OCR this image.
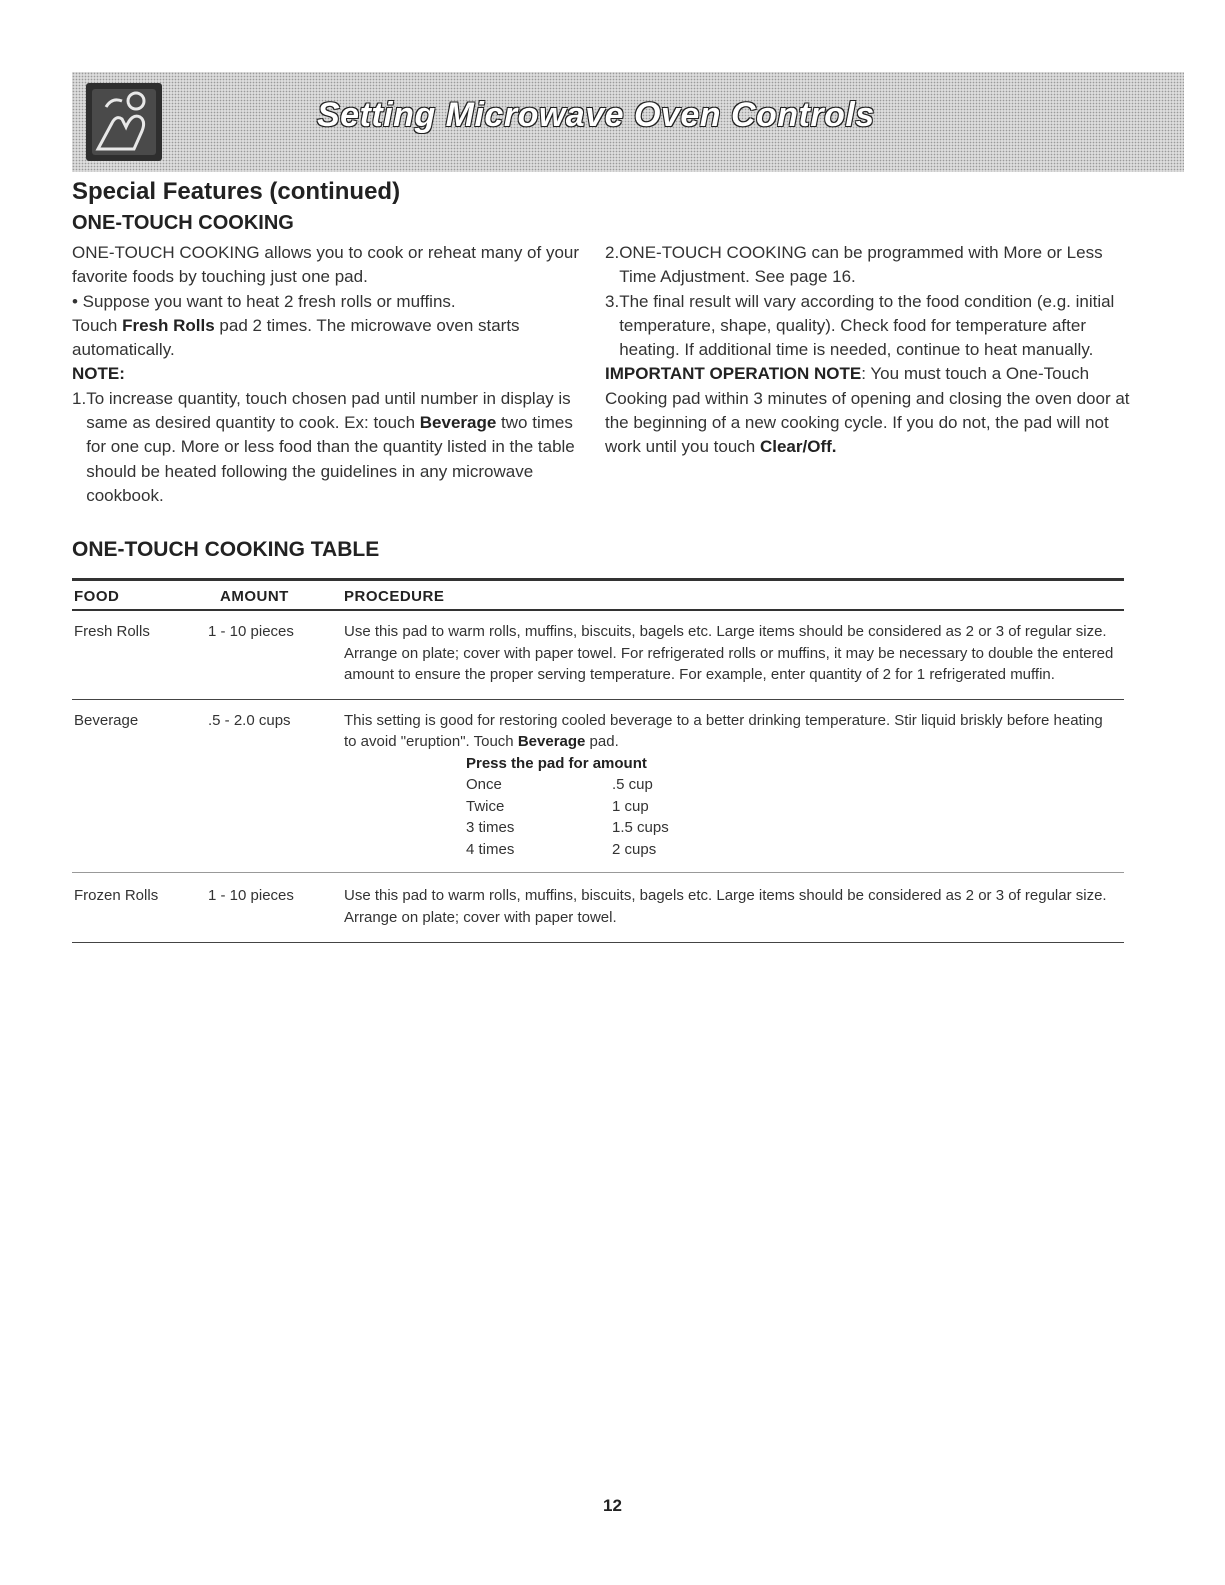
Setting Microwave Oven Controls
Special Features (continued)
ONE-TOUCH COOKING

ONE-TOUCH COOKING allows you to cook or reheat many of your favorite foods by touching just one pad.

• Suppose you want to heat 2 fresh rolls or muffins.

Touch Fresh Rolls pad 2 times. The microwave oven starts automatically.

NOTE:

1. To increase quantity, touch chosen pad until number in display is same as desired quantity to cook. Ex: touch Beverage two times for one cup. More or less food than the quantity listed in the table should be heated following the guidelines in any microwave cookbook.
2. ONE-TOUCH COOKING can be programmed with More or Less Time Adjustment. See page 16.
3. The final result will vary according to the food condition (e.g. initial temperature, shape, quality). Check food for temperature after heating. If additional time is needed, continue to heat manually.

IMPORTANT OPERATION NOTE: You must touch a One-Touch Cooking pad within 3 minutes of opening and closing the oven door at the beginning of a new cooking cycle. If you do not, the pad will not work until you touch Clear/Off.

ONE-TOUCH COOKING TABLE
FOOD	AMOUNT	PROCEDURE
Fresh Rolls	1 - 10 pieces	Use this pad to warm rolls, muffins, biscuits, bagels etc. Large items should be considered as 2 or 3 of regular size. Arrange on plate; cover with paper towel. For refrigerated rolls or muffins, it may be necessary to double the entered amount to ensure the proper serving temperature. For example, enter quantity of 2 for 1 refrigerated muffin.
Beverage	.5 - 2.0 cups	This setting is good for restoring cooled beverage to a better drinking temperature. Stir liquid briskly before heating to avoid "eruption". Touch Beverage pad.
Press the pad for amount
Once	.5 cup
Twice	1 cup
3 times	1.5 cups
4 times	2 cups
Frozen Rolls	1 - 10 pieces	Use this pad to warm rolls, muffins, biscuits, bagels etc. Large items should be considered as 2 or 3 of regular size. Arrange on plate; cover with paper towel.
12
